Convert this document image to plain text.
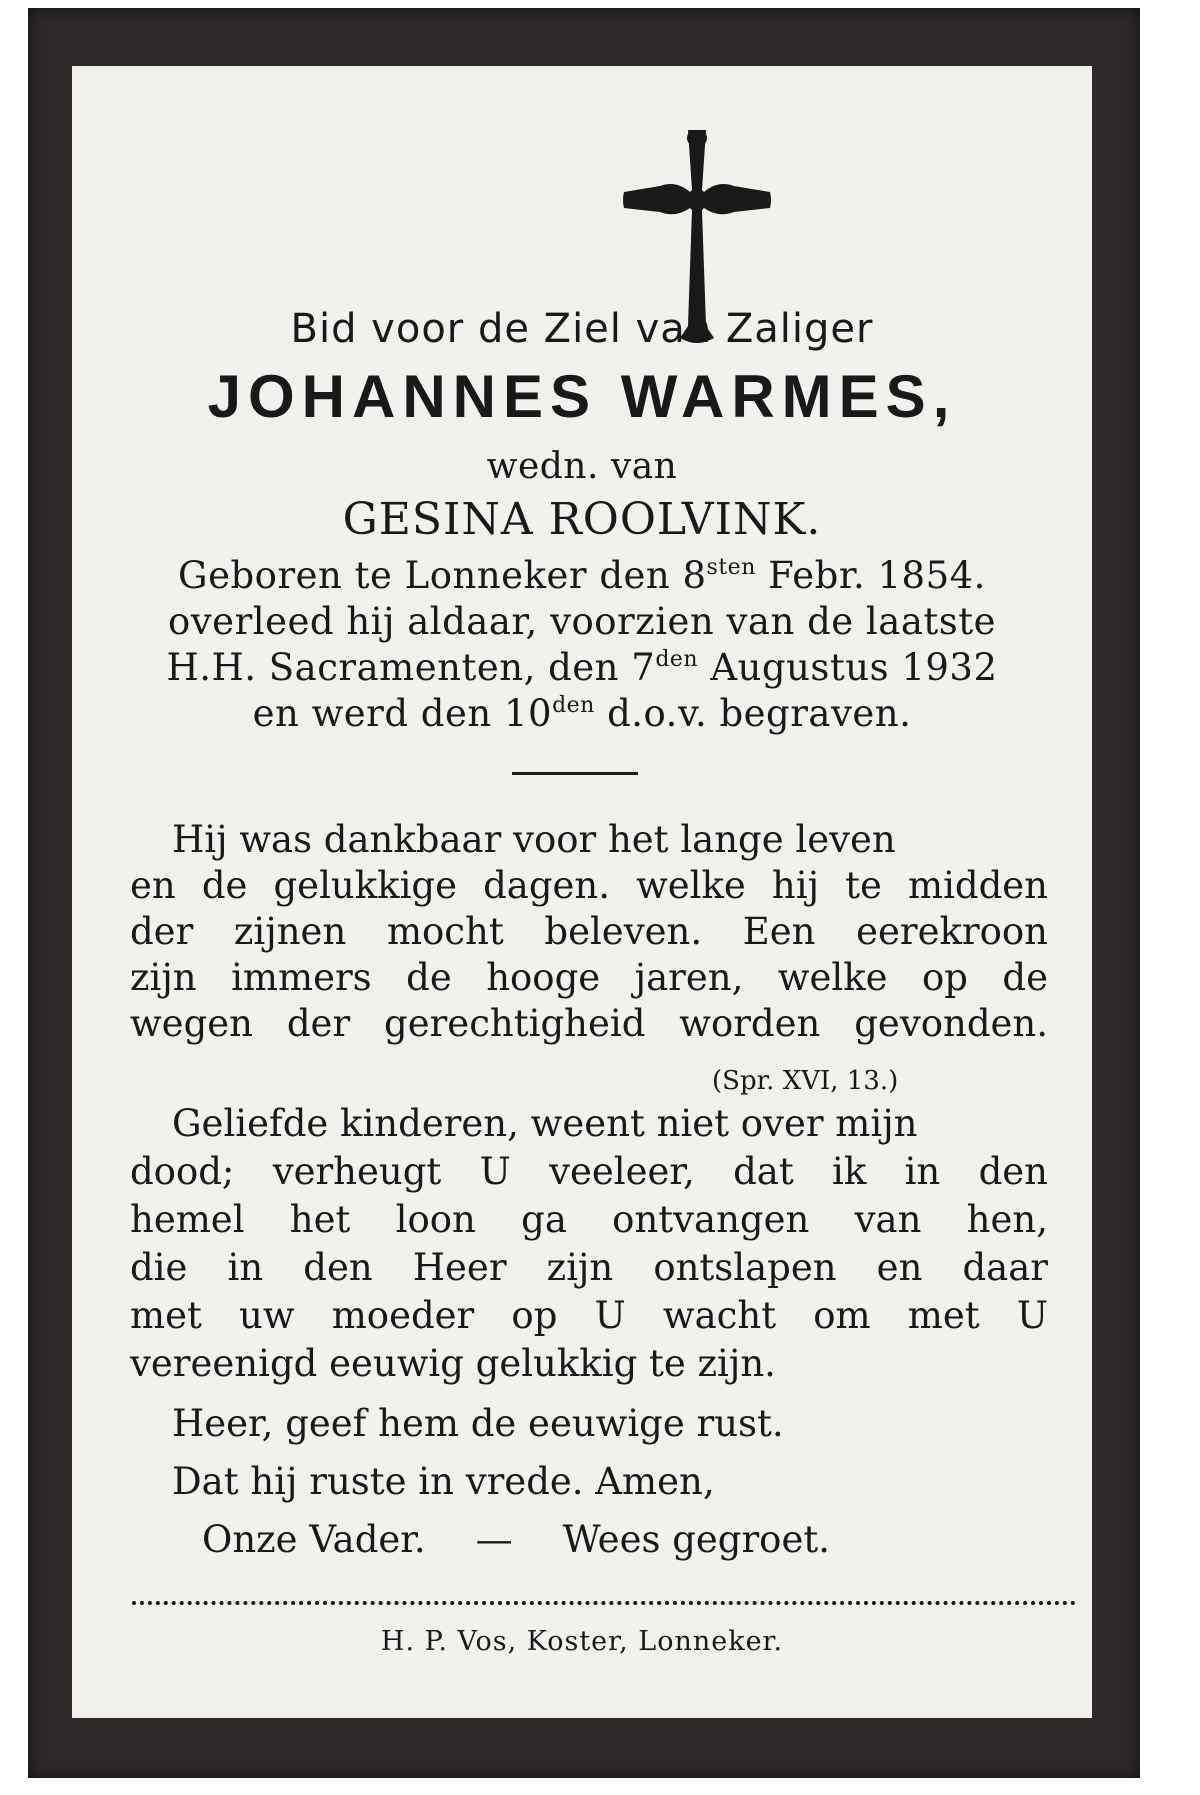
Bid voor de Ziel van Zaliger
JOHANNES WARMES,
wedn. van
GESINA ROOLVINK.
Geboren te Lonneker den $8^{sten}$ Febr. 1854.
overleed hij aldaar, voorzien van de laatste
H.H. Sacramenten, den $7^{den}$ Augustus 1932
en werd den $10^{den}$ d.o.v. begraven.
Hij was dankbaar voor het lange leven
en de gelukkige dagen. welke hij te midden
der zijnen mocht beleven. Een eerekroon
zijn immers de hooge jaren, welke op de
wegen der gerechtigheid worden gevonden.
(Spr. XVI, 13.)
Geliefde kinderen, weent niet over mijn
dood; verheugt U veeleer, dat ik in den
hemel het loon ga ontvangen van hen,
die in den Heer zijn ontslapen en daar
met uw moeder op U wacht om met U
vereenigd eeuwig gelukkig te zijn.
Heer, geef hem de eeuwige rust.
Dat hij ruste in vrede. Amen,
Onze Vader. — Wees gegroet.
H. P. Vos, Koster, Lonneker.
